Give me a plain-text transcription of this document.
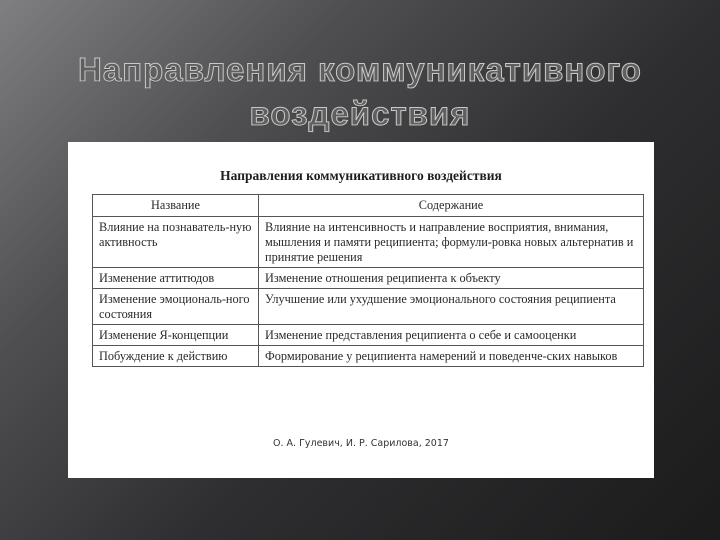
Направления коммуникативного
воздействия
Направления коммуникативного воздействия
Название	Содержание
Влияние на познаватель-ную активность	Влияние на интенсивность и направление восприятия, внимания, мышления и памяти реципиента; формули-ровка новых альтернатив и принятие решения
Изменение аттитюдов	Изменение отношения реципиента к объекту
Изменение эмоциональ-ного состояния	Улучшение или ухудшение эмоционального состояния реципиента
Изменение Я-концепции	Изменение представления реципиента о себе и самооценки
Побуждение к действию	Формирование у реципиента намерений и поведенче-ских навыков
О. А. Гулевич, И. Р. Сарилова, 2017
